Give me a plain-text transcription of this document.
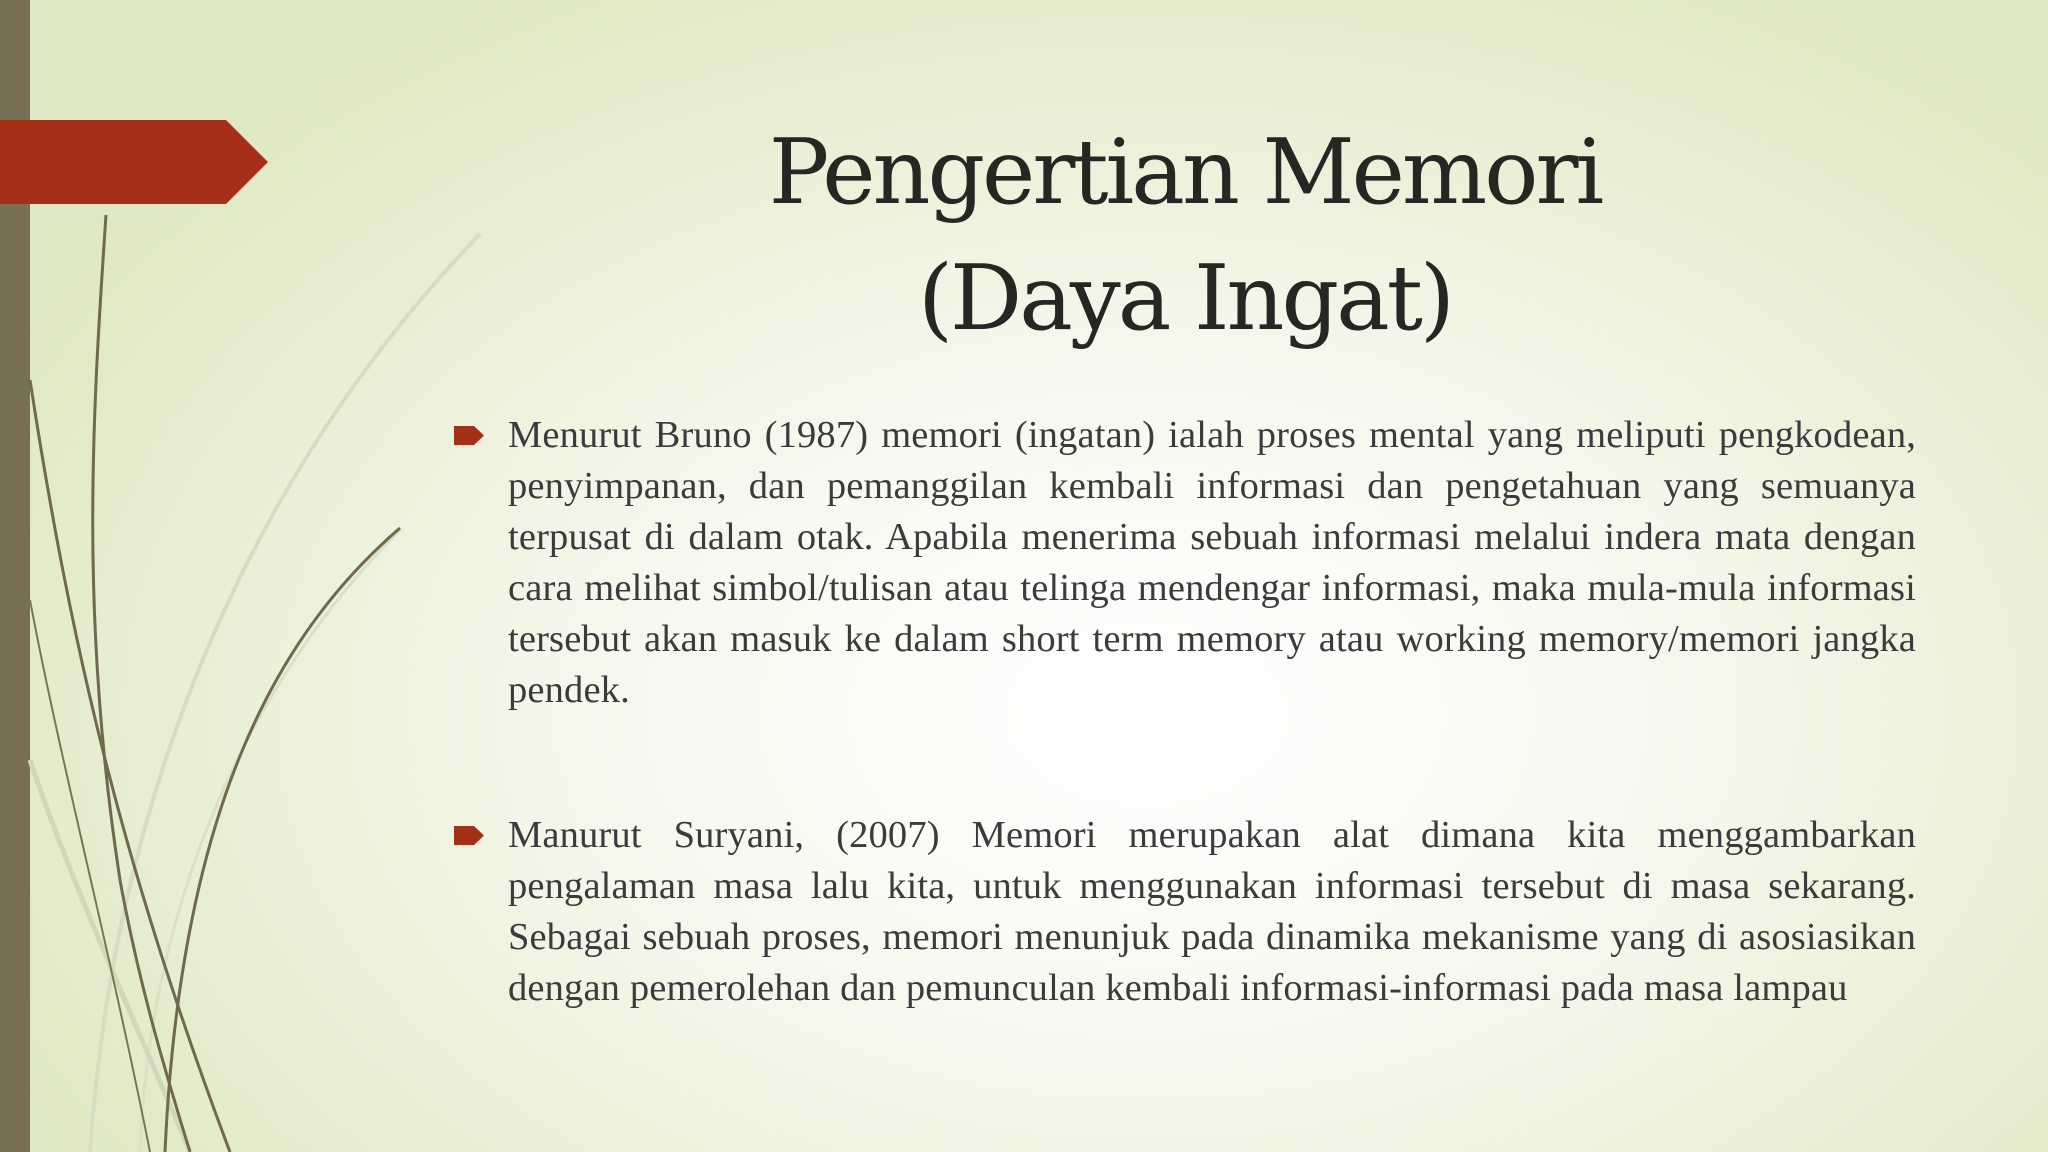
Pengertian Memori
(Daya Ingat)
Menurut Bruno (1987) memori (ingatan) ialah proses mental yang meliputi pengkodean, penyimpanan, dan pemanggilan kembali informasi dan pengetahuan yang semuanya terpusat di dalam otak. Apabila menerima sebuah informasi melalui indera mata dengan cara melihat simbol/tulisan atau telinga mendengar informasi, maka mula-mula informasi tersebut akan masuk ke dalam short term memory atau working memory/memori jangka pendek.
Manurut Suryani, (2007) Memori merupakan alat dimana kita menggambarkan pengalaman masa lalu kita, untuk menggunakan informasi tersebut di masa sekarang. Sebagai sebuah proses, memori menunjuk pada dinamika mekanisme yang di asosiasikan dengan pemerolehan dan pemunculan kembali informasi-informasi pada masa lampau
